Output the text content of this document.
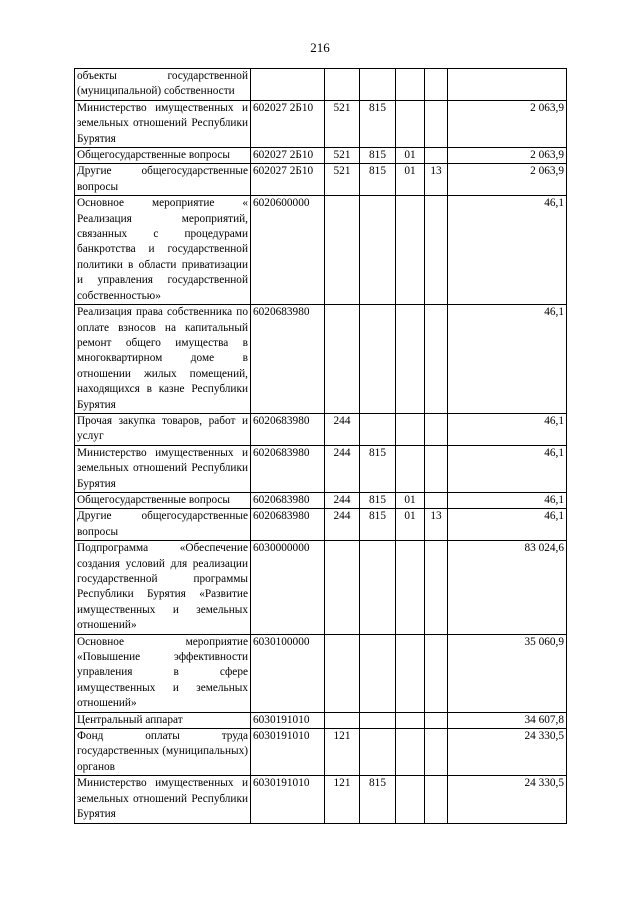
216
объекты государственной (муниципальной) собственности						
Министерство имущественных и земельных отношений Республики Бурятия	602027 2Б10	521	815			2 063,9
Общегосударственные вопросы	602027 2Б10	521	815	01		2 063,9
Другие общегосударственные вопросы	602027 2Б10	521	815	01	13	2 063,9
Основное мероприятие « Реализация мероприятий, связанных с процедурами банкротства и государственной политики в области приватизации и управления государственной собственностью»	6020600000					46,1
Реализация права собственника по оплате взносов на капитальный ремонт общего имущества в многоквартирном доме в отношении жилых помещений, находящихся в казне Республики Бурятия	6020683980					46,1
Прочая закупка товаров, работ и услуг	6020683980	244				46,1
Министерство имущественных и земельных отношений Республики Бурятия	6020683980	244	815			46,1
Общегосударственные вопросы	6020683980	244	815	01		46,1
Другие общегосударственные вопросы	6020683980	244	815	01	13	46,1
Подпрограмма «Обеспечение создания условий для реализации государственной программы Республики Бурятия «Развитие имущественных и земельных отношений»	6030000000					83 024,6
Основное мероприятие «Повышение эффективности управления в сфере имущественных и земельных отношений»	6030100000					35 060,9
Центральный аппарат	6030191010					34 607,8
Фонд оплаты труда государственных (муниципальных) органов	6030191010	121				24 330,5
Министерство имущественных и земельных отношений Республики Бурятия	6030191010	121	815			24 330,5
